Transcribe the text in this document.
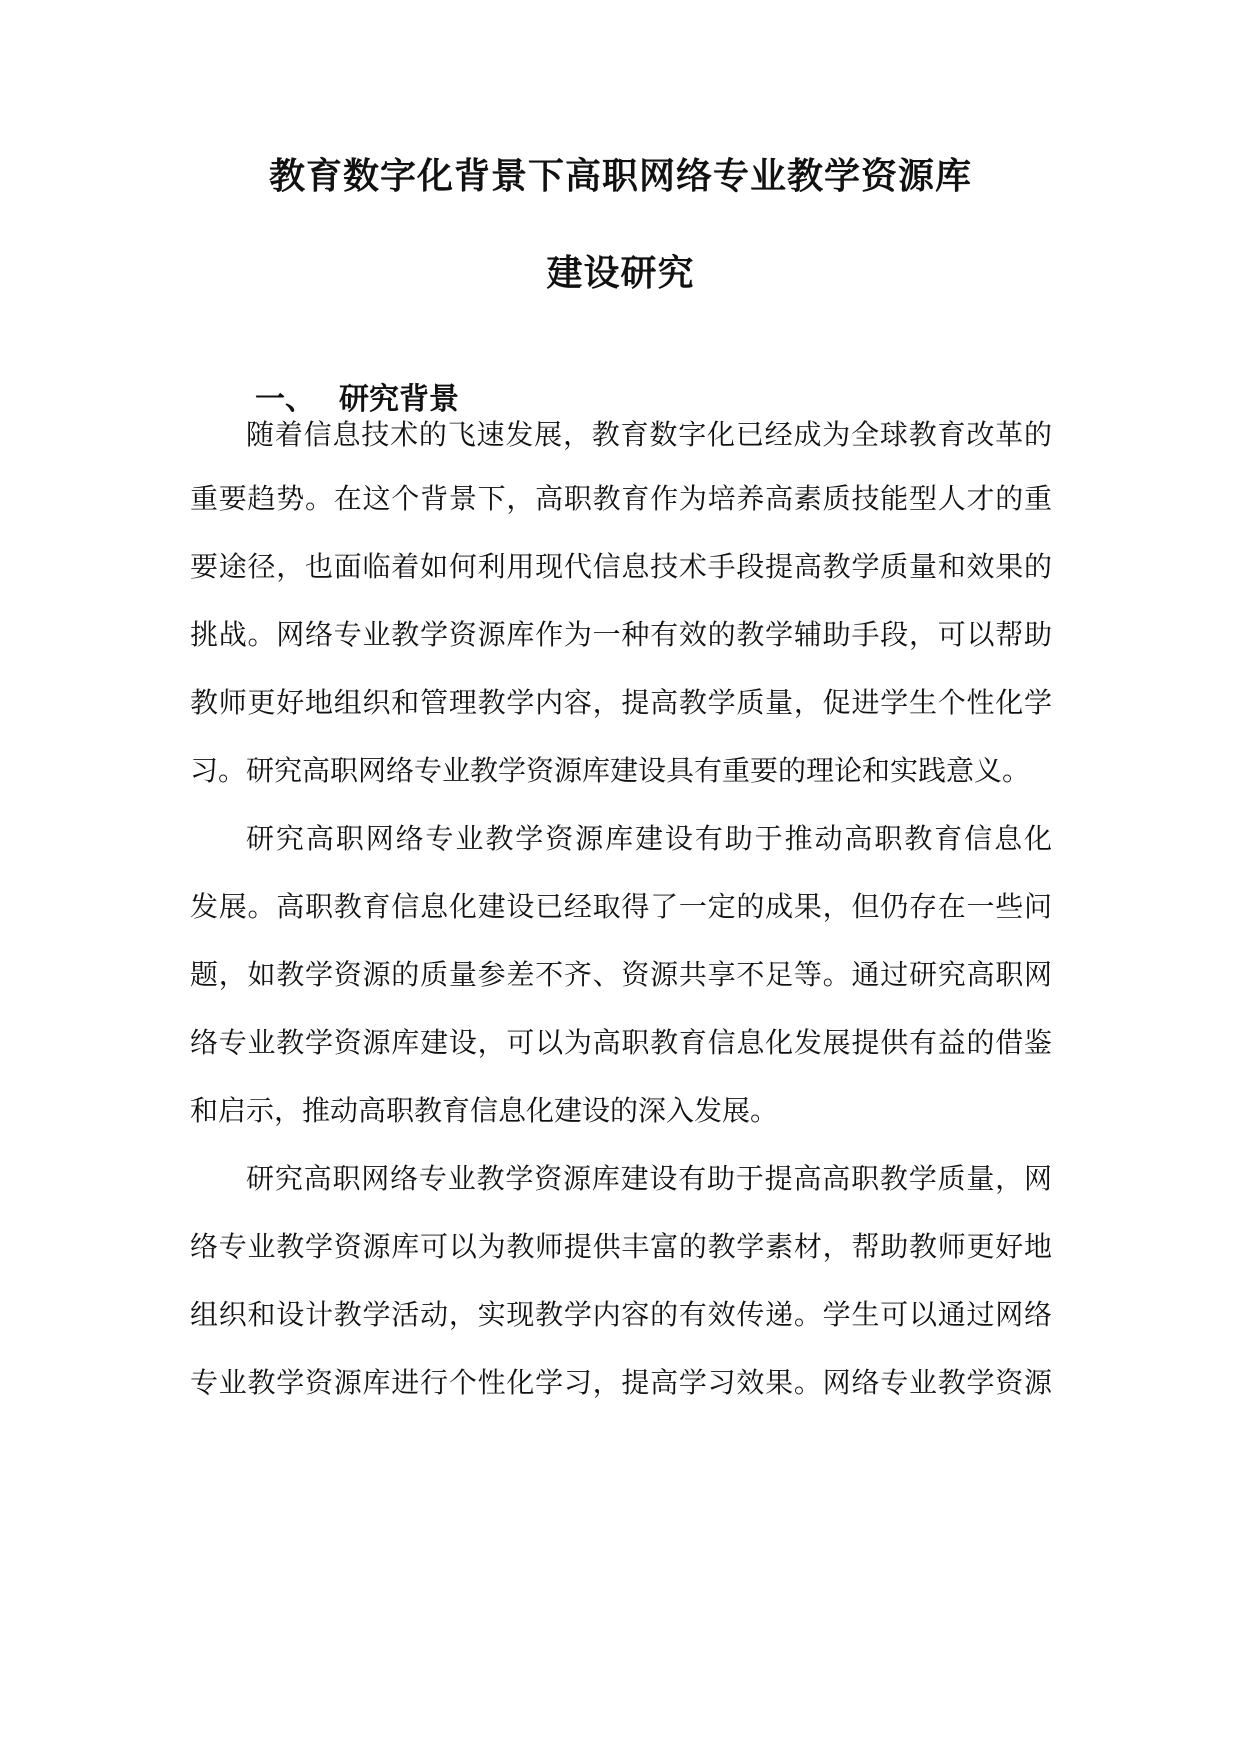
教育数字化背景下高职网络专业教学资源库
建设研究
一、 研究背景
随着信息技术的飞速发展，教育数字化已经成为全球教育改革的
重要趋势。在这个背景下，高职教育作为培养高素质技能型人才的重
要途径，也面临着如何利用现代信息技术手段提高教学质量和效果的
挑战。网络专业教学资源库作为一种有效的教学辅助手段，可以帮助
教师更好地组织和管理教学内容，提高教学质量，促进学生个性化学
习。研究高职网络专业教学资源库建设具有重要的理论和实践意义。
研究高职网络专业教学资源库建设有助于推动高职教育信息化
发展。高职教育信息化建设已经取得了一定的成果，但仍存在一些问
题，如教学资源的质量参差不齐、资源共享不足等。通过研究高职网
络专业教学资源库建设，可以为高职教育信息化发展提供有益的借鉴
和启示，推动高职教育信息化建设的深入发展。
研究高职网络专业教学资源库建设有助于提高高职教学质量，网
络专业教学资源库可以为教师提供丰富的教学素材，帮助教师更好地
组织和设计教学活动，实现教学内容的有效传递。学生可以通过网络
专业教学资源库进行个性化学习，提高学习效果。网络专业教学资源
